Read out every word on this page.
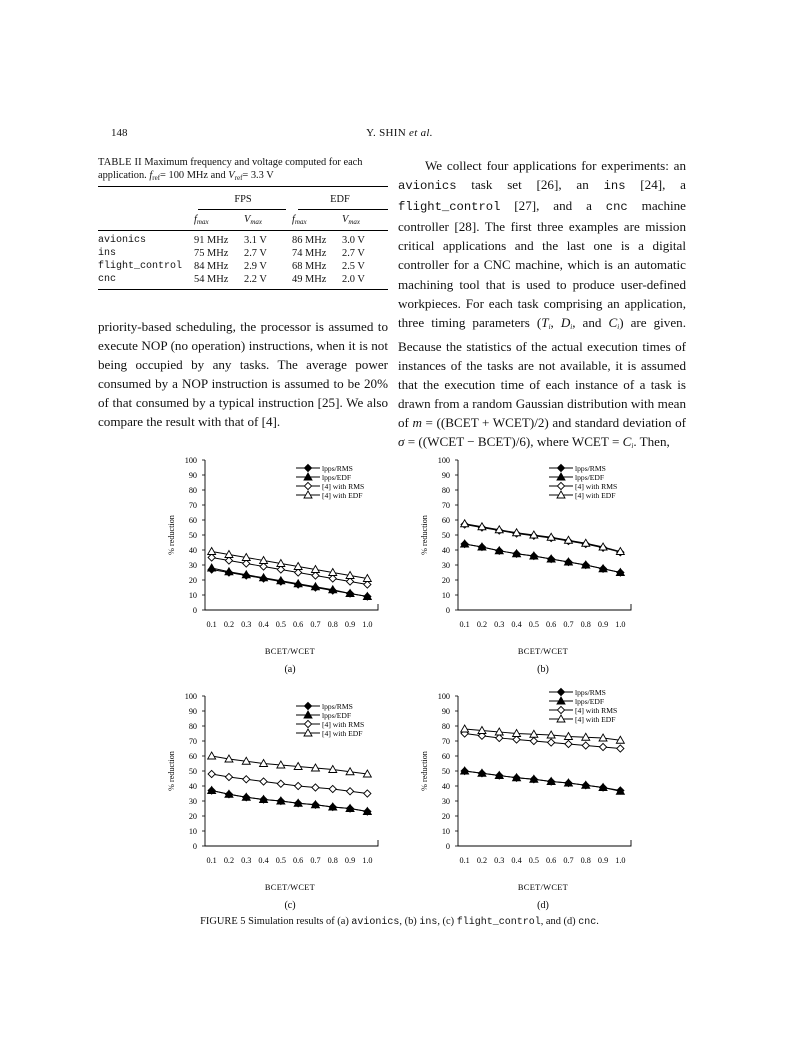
148	Y. SHIN et al.
TABLE II Maximum frequency and voltage computed for each application. $f_{ref}= 100$ MHz and $V_{ref}= 3.3$ V

	FPS		EDF	

	$f_{max}$	$V_{max}$	$f_{max}$	$V_{max}$

avionics	91 MHz	3.1 V	86 MHz	3.0 V
ins	75 MHz	2.7 V	74 MHz	2.7 V
flight_control	84 MHz	2.9 V	68 MHz	2.5 V
cnc	54 MHz	2.2 V	49 MHz	2.0 V

priority-based scheduling, the processor is assumed to execute NOP (no operation) instructions, when it is not being occupied by any tasks. The average power consumed by a NOP instruction is assumed to be 20% of that consumed by a typical instruction [25]. We also compare the result with that of [4].

We collect four applications for experiments: an avionics task set [26], an ins [24], a flight_control [27], and a cnc machine controller [28]. The first three examples are mission critical applications and the last one is a digital controller for a CNC machine, which is an automatic machining tool that is used to produce user-defined workpieces. For each task comprising an application, three timing parameters ($T_i$, $D_i$, and $C_i$) are given. Because the statistics of the actual execution times of instances of the tasks are not available, it is assumed that the execution time of each instance of a task is drawn from a random Gaussian distribution with mean of m = ((BCET + WCET)/2) and standard deviation of σ = ((WCET − BCET)/6), where WCET = $C_i$. Then,

0
10
20
30
40
50
60
70
80
90
100
0.1 0.2 0.3 0.4 0.5 0.6 0.7 0.8 0.9 1.0
BCET/WCET
% reduction
lpps/RMS
lpps/EDF
[4] with RMS
[4] with EDF
(a)
0
10
20
30
40
50
60
70
80
90
100
0.1 0.2 0.3 0.4 0.5 0.6 0.7 0.8 0.9 1.0
BCET/WCET
% reduction
lpps/RMS
lpps/EDF
[4] with RMS
[4] with EDF
(b)
0
10
20
30
40
50
60
70
80
90
100
0.1 0.2 0.3 0.4 0.5 0.6 0.7 0.8 0.9 1.0
BCET/WCET
% reduction
lpps/RMS
lpps/EDF
[4] with RMS
[4] with EDF
(c)
0
10
20
30
40
50
60
70
80
90
100
0.1 0.2 0.3 0.4 0.5 0.6 0.7 0.8 0.9 1.0
BCET/WCET
% reduction
lpps/RMS
lpps/EDF
[4] with RMS
[4] with EDF
(d)
FIGURE 5 Simulation results of (a) avionics, (b) ins, (c) flight_control, and (d) cnc.
